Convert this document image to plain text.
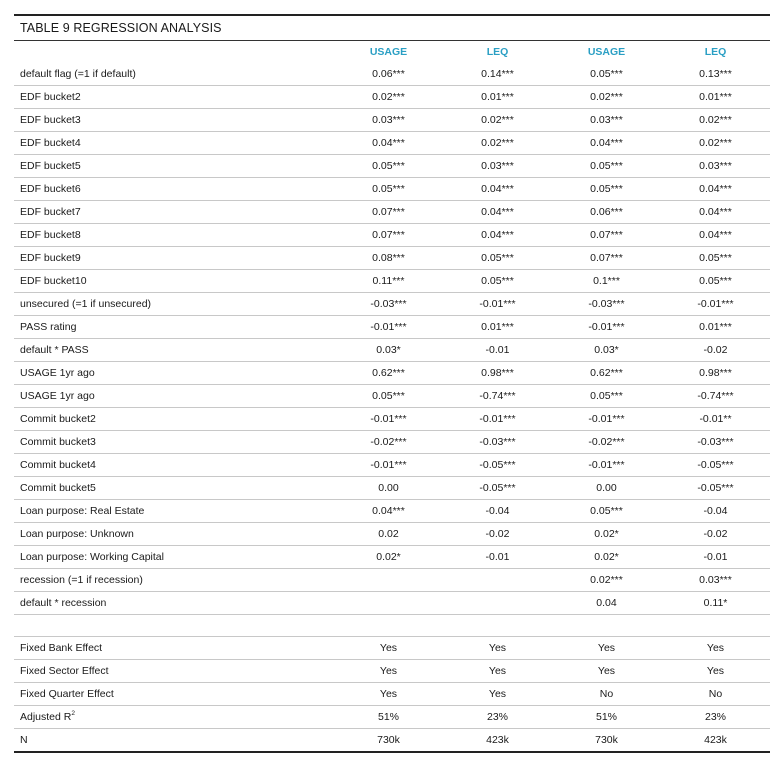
TABLE 9 REGRESSION ANALYSIS
	USAGE	LEQ	USAGE	LEQ
default flag (=1 if default)	0.06***	0.14***	0.05***	0.13***
EDF bucket2	0.02***	0.01***	0.02***	0.01***
EDF bucket3	0.03***	0.02***	0.03***	0.02***
EDF bucket4	0.04***	0.02***	0.04***	0.02***
EDF bucket5	0.05***	0.03***	0.05***	0.03***
EDF bucket6	0.05***	0.04***	0.05***	0.04***
EDF bucket7	0.07***	0.04***	0.06***	0.04***
EDF bucket8	0.07***	0.04***	0.07***	0.04***
EDF bucket9	0.08***	0.05***	0.07***	0.05***
EDF bucket10	0.11***	0.05***	0.1***	0.05***
unsecured (=1 if unsecured)	-0.03***	-0.01***	-0.03***	-0.01***
PASS rating	-0.01***	0.01***	-0.01***	0.01***
default * PASS	0.03*	-0.01	0.03*	-0.02
USAGE 1yr ago	0.62***	0.98***	0.62***	0.98***
USAGE 1yr ago	0.05***	-0.74***	0.05***	-0.74***
Commit bucket2	-0.01***	-0.01***	-0.01***	-0.01**
Commit bucket3	-0.02***	-0.03***	-0.02***	-0.03***
Commit bucket4	-0.01***	-0.05***	-0.01***	-0.05***
Commit bucket5	0.00	-0.05***	0.00	-0.05***
Loan purpose: Real Estate	0.04***	-0.04	0.05***	-0.04
Loan purpose: Unknown	0.02	-0.02	0.02*	-0.02
Loan purpose: Working Capital	0.02*	-0.01	0.02*	-0.01
recession (=1 if recession)			0.02***	0.03***
default * recession			0.04	0.11*

Fixed Bank Effect	Yes	Yes	Yes	Yes
Fixed Sector Effect	Yes	Yes	Yes	Yes
Fixed Quarter Effect	Yes	Yes	No	No
Adjusted $R^2$	51%	23%	51%	23%
N	730k	423k	730k	423k
